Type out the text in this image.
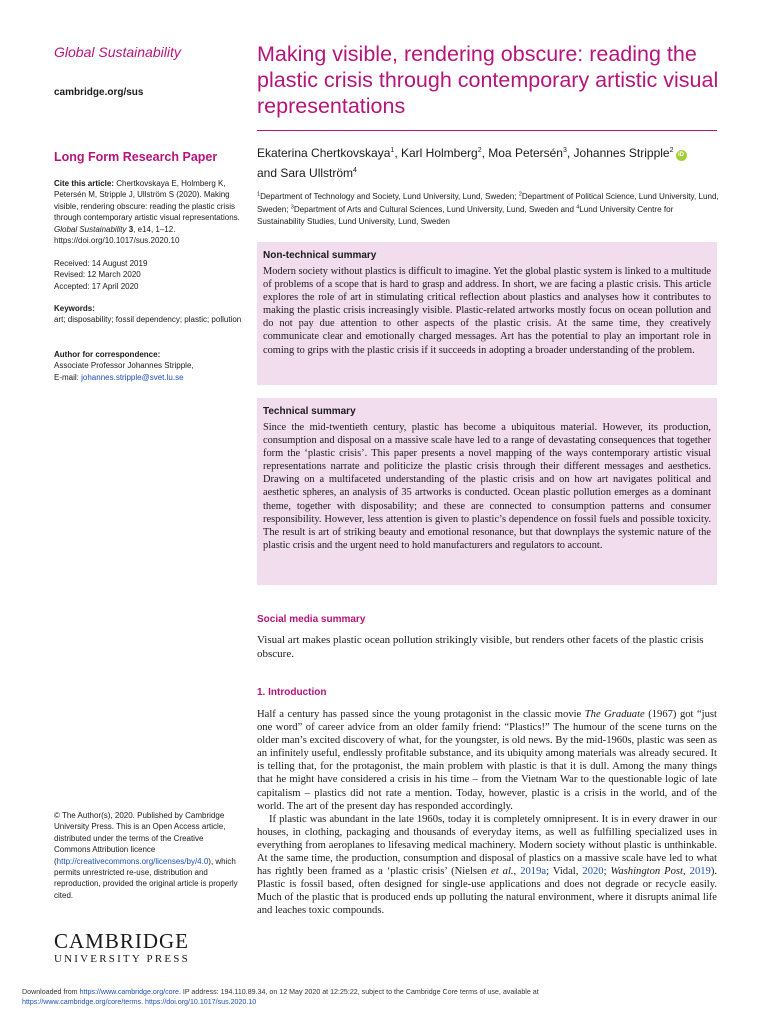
Global Sustainability
cambridge.org/sus
Long Form Research Paper
Cite this article: Chertkovskaya E, Holmberg K, Petersén M, Stripple J, Ullström S (2020). Making visible, rendering obscure: reading the plastic crisis through contemporary artistic visual representations. Global Sustainability 3, e14, 1–12. https://doi.org/10.1017/sus.2020.10
Received: 14 August 2019
Revised: 12 March 2020
Accepted: 17 April 2020
Keywords:
art; disposability; fossil dependency; plastic; pollution
Author for correspondence:
Associate Professor Johannes Stripple,
E-mail: johannes.stripple@svet.lu.se
© The Author(s), 2020. Published by Cambridge University Press. This is an Open Access article, distributed under the terms of the Creative Commons Attribution licence (http://creativecommons.org/licenses/by/4.0), which permits unrestricted re-use, distribution and reproduction, provided the original article is properly cited.
CAMBRIDGE
UNIVERSITY PRESS
Making visible, rendering obscure: reading the plastic crisis through contemporary artistic visual representations
Ekaterina Chertkovskaya$^1$, Karl Holmberg$^2$, Moa Petersén$^3$, Johannes Stripple$^2$iD
and Sara Ullström$^4$
$^1$Department of Technology and Society, Lund University, Lund, Sweden; $^2$Department of Political Science, Lund University, Lund, Sweden; $^3$Department of Arts and Cultural Sciences, Lund University, Lund, Sweden and $^4$Lund University Centre for Sustainability Studies, Lund University, Lund, Sweden
Non-technical summary
Modern society without plastics is difficult to imagine. Yet the global plastic system is linked to a multitude of problems of a scope that is hard to grasp and address. In short, we are facing a plastic crisis. This article explores the role of art in stimulating critical reflection about plastics and analyses how it contributes to making the plastic crisis increasingly visible. Plastic-related artworks mostly focus on ocean pollution and do not pay due attention to other aspects of the plastic crisis. At the same time, they creatively communicate clear and emotionally charged messages. Art has the potential to play an important role in coming to grips with the plastic crisis if it succeeds in adopting a broader understanding of the problem.
Technical summary
Since the mid-twentieth century, plastic has become a ubiquitous material. However, its production, consumption and disposal on a massive scale have led to a range of devastating consequences that together form the ‘plastic crisis’. This paper presents a novel mapping of the ways contemporary artistic visual representations narrate and politicize the plastic crisis through their different messages and aesthetics. Drawing on a multifaceted understanding of the plastic crisis and on how art navigates political and aesthetic spheres, an analysis of 35 artworks is conducted. Ocean plastic pollution emerges as a dominant theme, together with disposability; and these are connected to consumption patterns and consumer responsibility. However, less attention is given to plastic’s dependence on fossil fuels and possible toxicity. The result is art of striking beauty and emotional resonance, but that downplays the systemic nature of the plastic crisis and the urgent need to hold manufacturers and regulators to account.
Social media summary
Visual art makes plastic ocean pollution strikingly visible, but renders other facets of the plastic crisis obscure.
1. Introduction

Half a century has passed since the young protagonist in the classic movie The Graduate (1967) got “just one word” of career advice from an older family friend: “Plastics!” The humour of the scene turns on the older man’s excited discovery of what, for the youngster, is old news. By the mid-1960s, plastic was seen as an infinitely useful, endlessly profitable substance, and its ubiquity among materials was already secured. It is telling that, for the protagonist, the main problem with plastic is that it is dull. Among the many things that he might have considered a crisis in his time – from the Vietnam War to the questionable logic of late capitalism – plastics did not rate a mention. Today, however, plastic is a crisis in the world, and of the world. The art of the present day has responded accordingly.

If plastic was abundant in the late 1960s, today it is completely omnipresent. It is in every drawer in our houses, in clothing, packaging and thousands of everyday items, as well as fulfilling specialized uses in everything from aeroplanes to lifesaving medical machinery. Modern society without plastic is unthinkable. At the same time, the production, consumption and disposal of plastics on a massive scale have led to what has rightly been framed as a ‘plastic crisis’ (Nielsen et al., 2019a; Vidal, 2020; Washington Post, 2019). Plastic is fossil based, often designed for single-use applications and does not degrade or recycle easily. Much of the plastic that is produced ends up polluting the natural environment, where it disrupts animal life and leaches toxic compounds.

Downloaded from https://www.cambridge.org/core. IP address: 194.110.89.34, on 12 May 2020 at 12:25:22, subject to the Cambridge Core terms of use, available at
https://www.cambridge.org/core/terms. https://doi.org/10.1017/sus.2020.10
